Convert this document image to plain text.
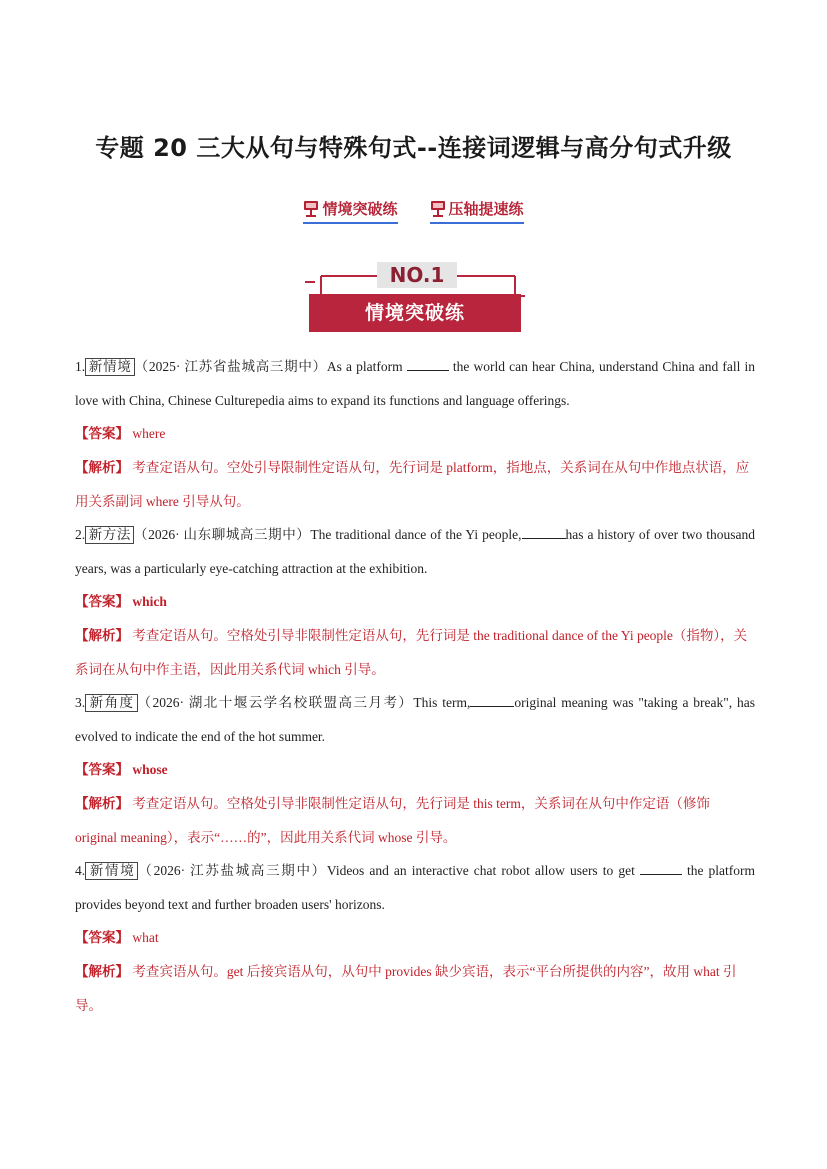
专题 20 三大从句与特殊句式--连接词逻辑与高分句式升级
情境突破练	压轴提速练
NO.1
情境突破练
1. 新情境 （2025· 江苏省盐城高三期中）As a platform	the world can hear China, understand China and fall in love with China, Chinese Culturepedia aims to expand its functions and language offerings.
【答案】 where
【解析】 考查定语从句。空处引导限制性定语从句，先行词是 platform，指地点，关系词在从句中作地点状语，应用关系副词 where 引导从句。
2. 新方法 （2026· 山东聊城高三期中）The traditional dance of the Yi people,	has a history of over two thousand years, was a particularly eye-catching attraction at the exhibition.
【答案】 which
【解析】 考查定语从句。空格处引导非限制性定语从句，先行词是 the traditional dance of the Yi people（指物），关系词在从句中作主语，因此用关系代词 which 引导。
3. 新角度 （2026· 湖北十堰云学名校联盟高三月考）This term,	original meaning was "taking a break", has evolved to indicate the end of the hot summer.
【答案】 whose
【解析】 考查定语从句。空格处引导非限制性定语从句，先行词是 this term，关系词在从句中作定语（修饰 original meaning），表示“……的”，因此用关系代词 whose 引导。
4. 新情境 （2026· 江苏盐城高三期中）Videos and an interactive chat robot allow users to get	the platform provides beyond text and further broaden users' horizons.
【答案】 what
【解析】 考查宾语从句。get 后接宾语从句，从句中 provides 缺少宾语，表示“平台所提供的内容”，故用 what 引导。
